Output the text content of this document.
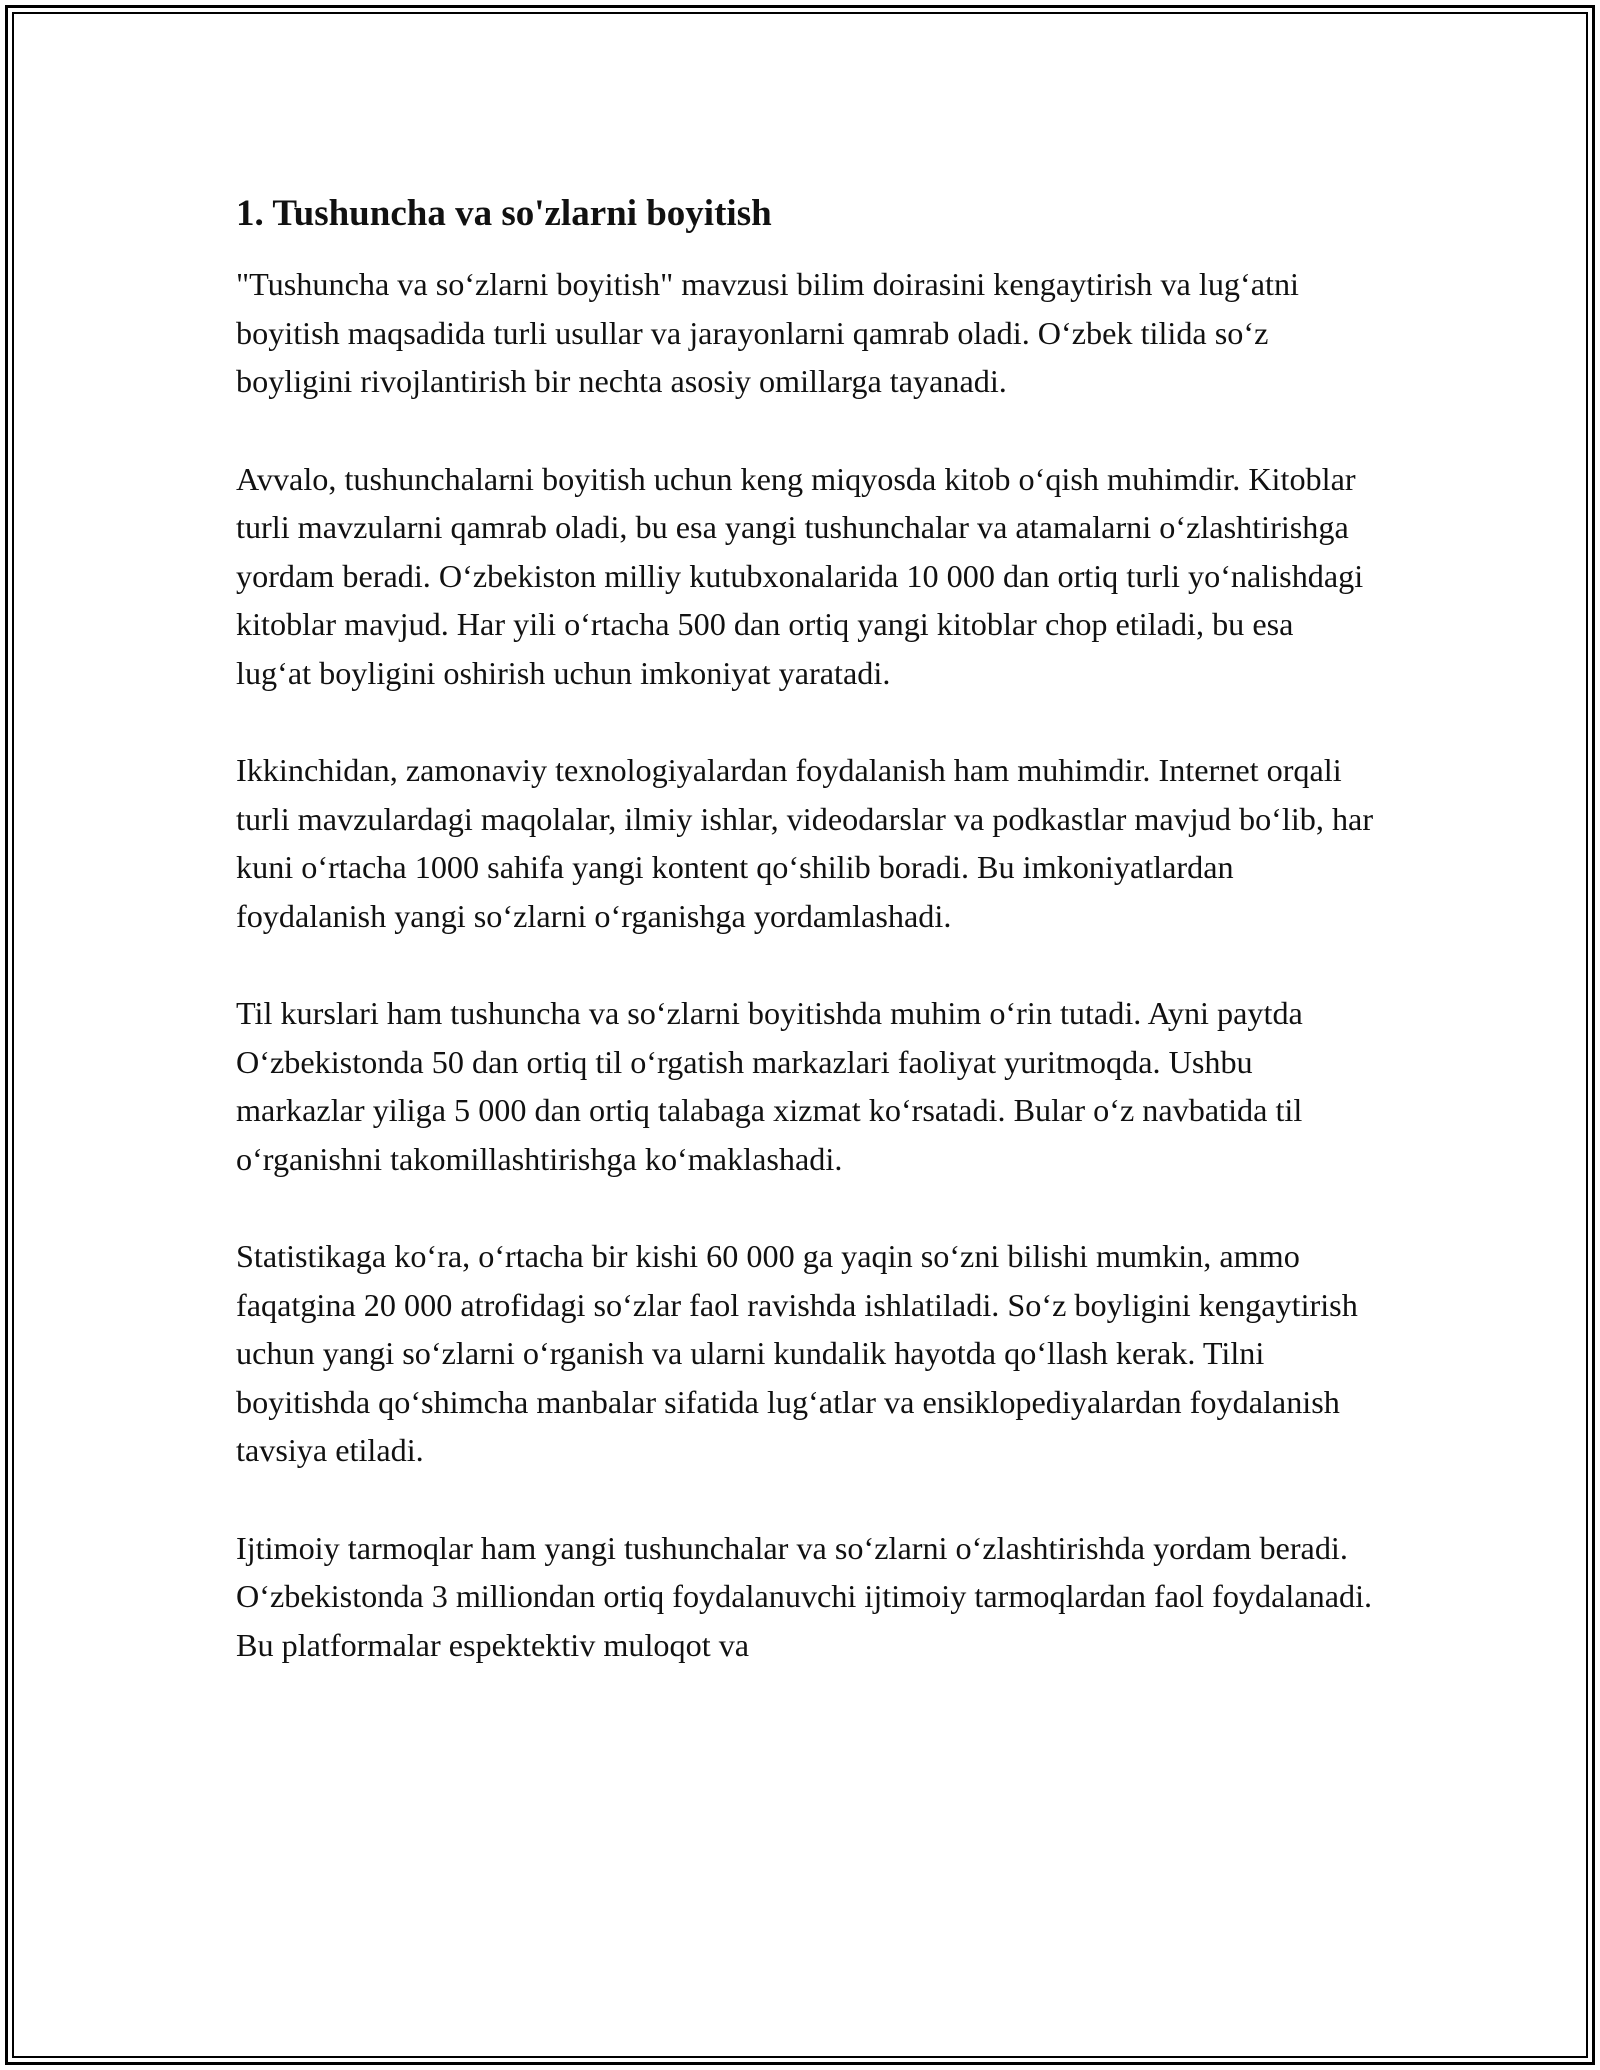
1. Tushuncha va so'zlarni boyitish

"Tushuncha va so‘zlarni boyitish" mavzusi bilim doirasini kengaytirish va lug‘atni boyitish maqsadida turli usullar va jarayonlarni qamrab oladi. O‘zbek tilida so‘z boyligini rivojlantirish bir nechta asosiy omillarga tayanadi.

Avvalo, tushunchalarni boyitish uchun keng miqyosda kitob o‘qish muhimdir. Kitoblar turli mavzularni qamrab oladi, bu esa yangi tushunchalar va atamalarni o‘zlashtirishga yordam beradi. O‘zbekiston milliy kutubxonalarida 10 000 dan ortiq turli yo‘nalishdagi kitoblar mavjud. Har yili o‘rtacha 500 dan ortiq yangi kitoblar chop etiladi, bu esa lug‘at boyligini oshirish uchun imkoniyat yaratadi.

Ikkinchidan, zamonaviy texnologiyalardan foydalanish ham muhimdir. Internet orqali turli mavzulardagi maqolalar, ilmiy ishlar, videodarslar va podkastlar mavjud bo‘lib, har kuni o‘rtacha 1000 sahifa yangi kontent qo‘shilib boradi. Bu imkoniyatlardan foydalanish yangi so‘zlarni o‘rganishga yordamlashadi.

Til kurslari ham tushuncha va so‘zlarni boyitishda muhim o‘rin tutadi. Ayni paytda O‘zbekistonda 50 dan ortiq til o‘rgatish markazlari faoliyat yuritmoqda. Ushbu markazlar yiliga 5 000 dan ortiq talabaga xizmat ko‘rsatadi. Bular o‘z navbatida til o‘rganishni takomillashtirishga ko‘maklashadi.

Statistikaga ko‘ra, o‘rtacha bir kishi 60 000 ga yaqin so‘zni bilishi mumkin, ammo faqatgina 20 000 atrofidagi so‘zlar faol ravishda ishlatiladi. So‘z boyligini kengaytirish uchun yangi so‘zlarni o‘rganish va ularni kundalik hayotda qo‘llash kerak. Tilni boyitishda qo‘shimcha manbalar sifatida lug‘atlar va ensiklopediyalardan foydalanish tavsiya etiladi.

Ijtimoiy tarmoqlar ham yangi tushunchalar va so‘zlarni o‘zlashtirishda yordam beradi. O‘zbekistonda 3 milliondan ortiq foydalanuvchi ijtimoiy tarmoqlardan faol foydalanadi. Bu platformalar espektektiv muloqot va
